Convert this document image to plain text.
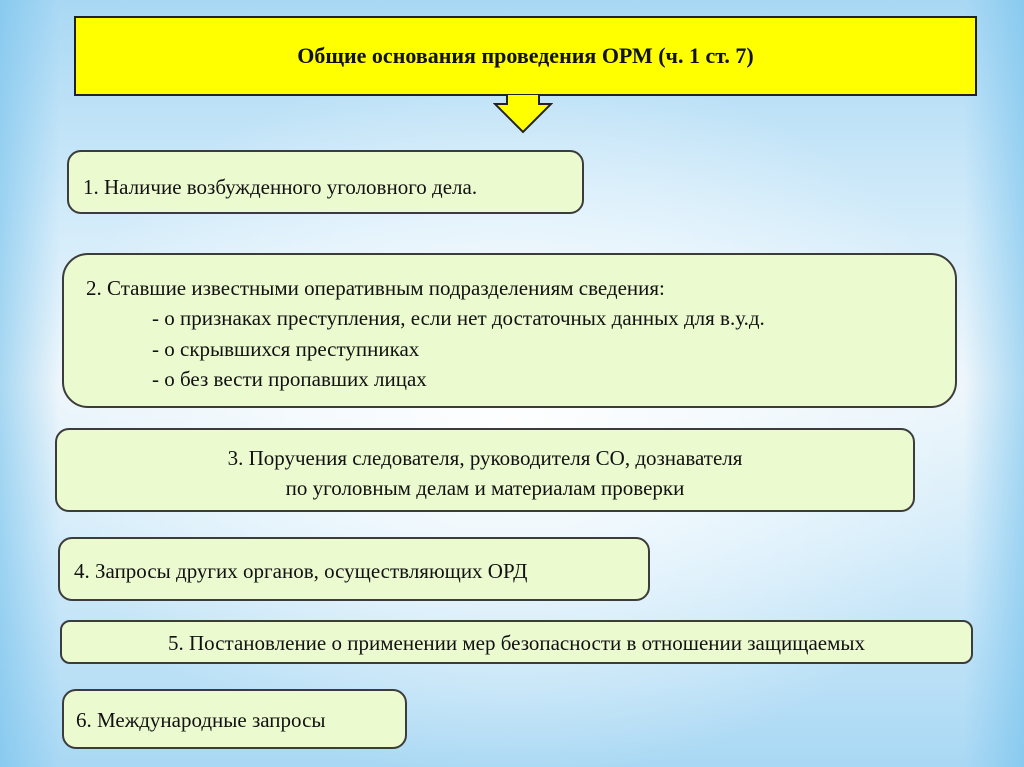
Общие основания проведения ОРМ (ч. 1 ст. 7)
1. Наличие возбужденного уголовного дела.
2. Ставшие известными оперативным подразделениям сведения:
- о признаках преступления, если нет достаточных данных для в.у.д.
- о скрывшихся преступниках
- о без вести пропавших лицах
3. Поручения следователя, руководителя СО, дознавателя
по уголовным делам и материалам проверки
4. Запросы других органов, осуществляющих ОРД
5. Постановление о применении мер безопасности в отношении защищаемых
6. Международные запросы
